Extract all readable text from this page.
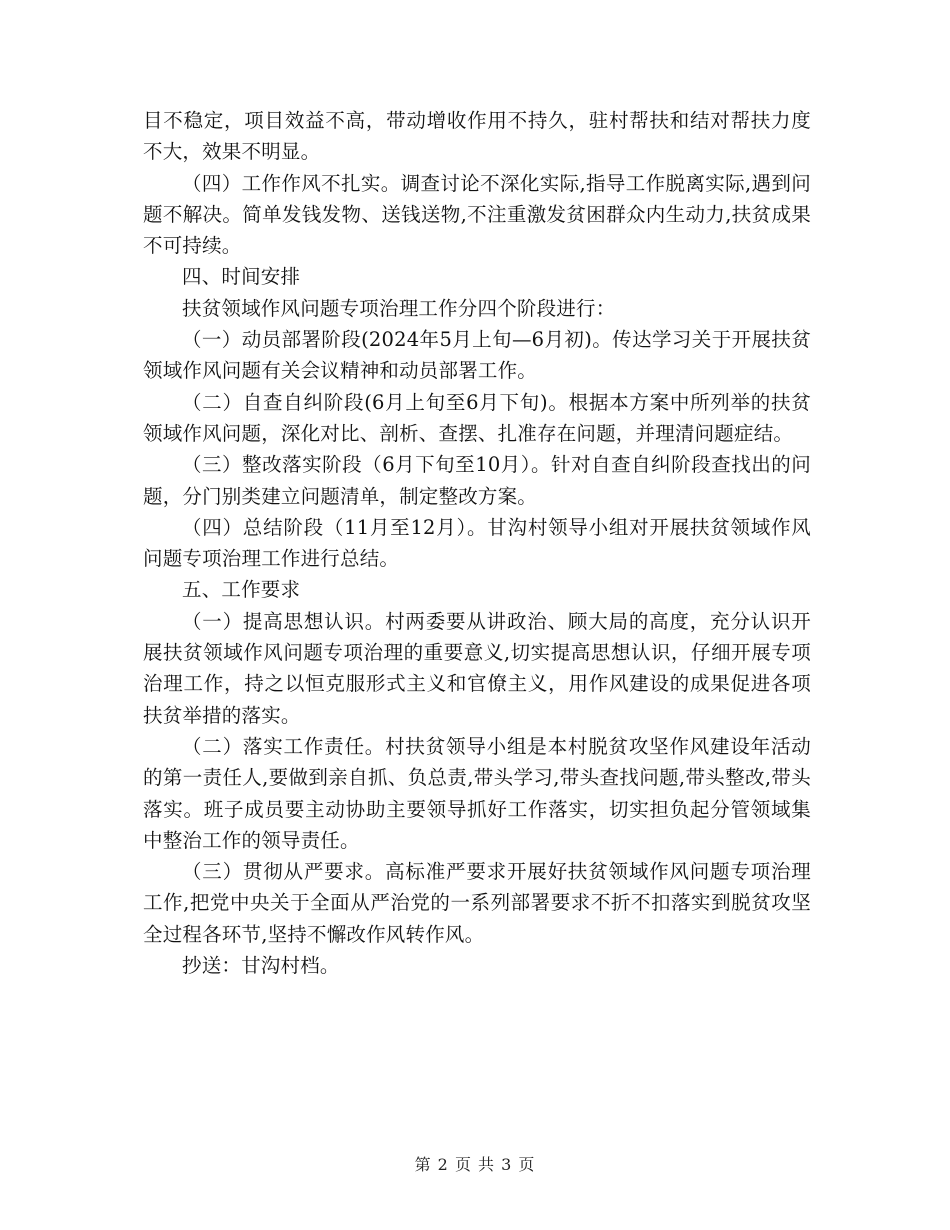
目不稳定，项目效益不高，带动增收作用不持久，驻村帮扶和结对帮扶力度不大，效果不明显。

（四）工作作风不扎实。调查讨论不深化实际,指导工作脱离实际,遇到问题不解决。简单发钱发物、送钱送物,不注重激发贫困群众内生动力,扶贫成果不可持续。

四、时间安排

扶贫领域作风问题专项治理工作分四个阶段进行：

（一）动员部署阶段(2024年5月上旬—6月初)。传达学习关于开展扶贫领域作风问题有关会议精神和动员部署工作。

（二）自查自纠阶段(6月上旬至6月下旬)。根据本方案中所列举的扶贫领域作风问题，深化对比、剖析、查摆、扎准存在问题，并理清问题症结。

（三）整改落实阶段（6月下旬至10月）。针对自查自纠阶段查找出的问题，分门别类建立问题清单，制定整改方案。

（四）总结阶段（11月至12月）。甘沟村领导小组对开展扶贫领域作风问题专项治理工作进行总结。

五、工作要求

（一）提高思想认识。村两委要从讲政治、顾大局的高度，充分认识开展扶贫领域作风问题专项治理的重要意义,切实提高思想认识，仔细开展专项治理工作，持之以恒克服形式主义和官僚主义，用作风建设的成果促进各项扶贫举措的落实。

（二）落实工作责任。村扶贫领导小组是本村脱贫攻坚作风建设年活动的第一责任人,要做到亲自抓、负总责,带头学习,带头查找问题,带头整改,带头落实。班子成员要主动协助主要领导抓好工作落实，切实担负起分管领域集中整治工作的领导责任。

（三）贯彻从严要求。高标准严要求开展好扶贫领域作风问题专项治理工作,把党中央关于全面从严治党的一系列部署要求不折不扣落实到脱贫攻坚全过程各环节,坚持不懈改作风转作风。

抄送：甘沟村档。

第 2 页 共 3 页
